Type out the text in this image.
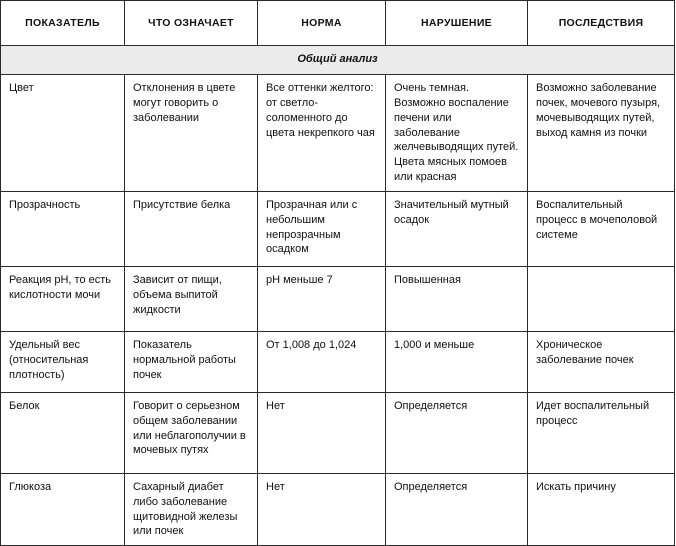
ПОКАЗАТЕЛЬ	ЧТО ОЗНАЧАЕТ	НОРМА	НАРУШЕНИЕ	ПОСЛЕДСТВИЯ
Общий анализ				
Цвет	Отклонения в цвете могут говорить о заболевании	Все оттенки желтого: от светло-соломенного до цвета некрепкого чая	Очень темная. Возможно воспаление печени или заболевание желчевыводящих путей. Цвета мясных помоев или красная	Возможно заболевание почек, мочевого пузыря, мочевыводящих путей, выход камня из почки
Прозрачность	Присутствие белка	Прозрачная или с небольшим непрозрачным осадком	Значительный мутный осадок	Воспалительный процесс в мочеполовой системе
Реакция pH, то есть кислотности мочи	Зависит от пищи, объема выпитой жидкости	pH меньше 7	Повышенная	
Удельный вес (относительная плотность)	Показатель нормальной работы почек	От 1,008 до 1,024	1,000 и меньше	Хроническое заболевание почек
Белок	Говорит о серьезном общем заболевании или неблагополучии в мочевых путях	Нет	Определяется	Идет воспалительный процесс
Глюкоза	Сахарный диабет либо заболевание щитовидной железы или почек	Нет	Определяется	Искать причину
